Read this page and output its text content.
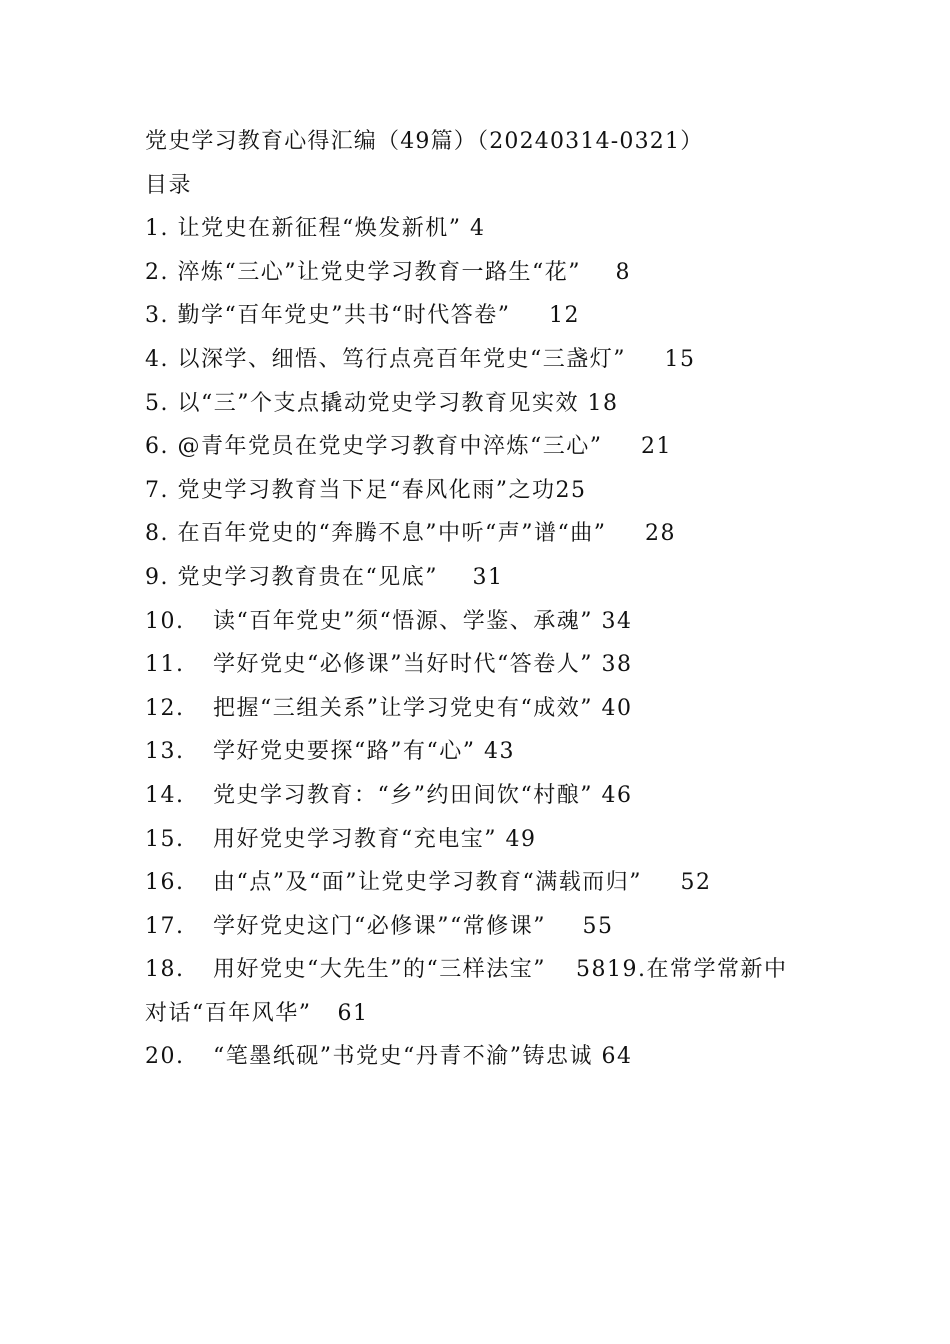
党史学习教育心得汇编（49篇）（20240314-0321）
目录
1. 让党史在新征程“焕发新机” 4
2. 淬炼“三心”让党史学习教育一路生“花” 8
3. 勤学“百年党史”共书“时代答卷” 12
4. 以深学、细悟、笃行点亮百年党史“三盏灯” 15
5. 以“三”个支点撬动党史学习教育见实效 18
6. @青年党员在党史学习教育中淬炼“三心” 21
7. 党史学习教育当下足“春风化雨”之功25
8. 在百年党史的“奔腾不息”中听“声”谱“曲” 28
9. 党史学习教育贵在“见底” 31
10. 读“百年党史”须“悟源、学鉴、承魂” 34
11. 学好党史“必修课”当好时代“答卷人” 38
12. 把握“三组关系”让学习党史有“成效” 40
13. 学好党史要探“路”有“心” 43
14. 党史学习教育：“乡”约田间饮“村酿” 46
15. 用好党史学习教育“充电宝” 49
16. 由“点”及“面”让党史学习教育“满载而归” 52
17. 学好党史这门“必修课”“常修课” 55
18. 用好党史“大先生”的“三样法宝” 5819.在常学常新中对话“百年风华” 61
20. “笔墨纸砚”书党史“丹青不渝”铸忠诚 64
